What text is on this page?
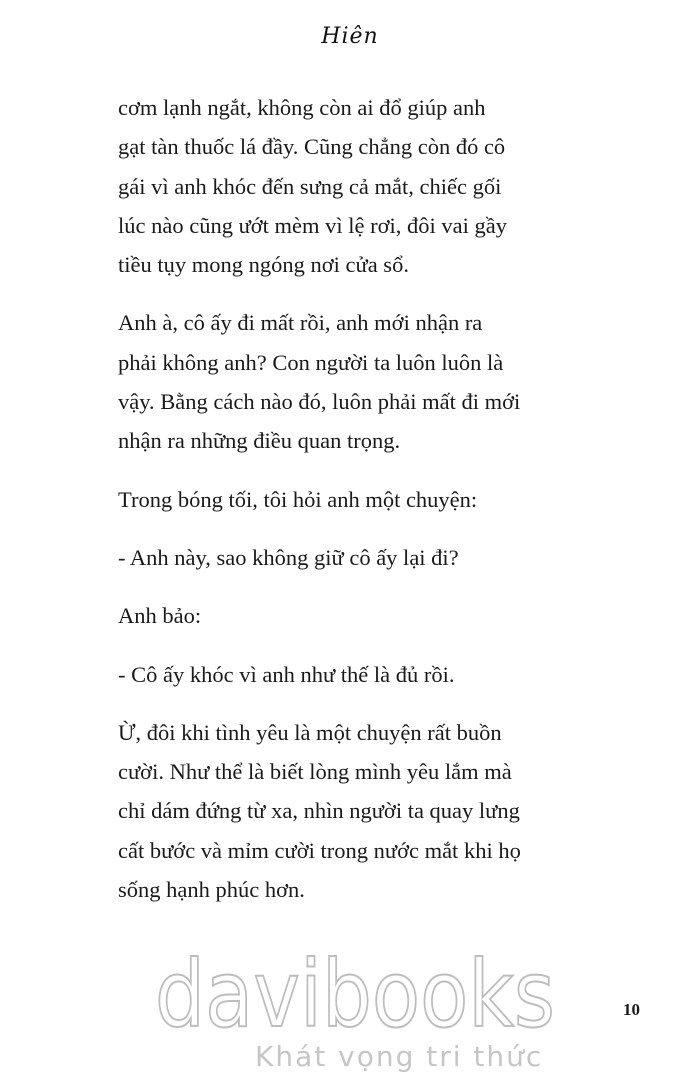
Hiên

cơm lạnh ngắt, không còn ai đổ giúp anh
gạt tàn thuốc lá đầy. Cũng chẳng còn đó cô
gái vì anh khóc đến sưng cả mắt, chiếc gối
lúc nào cũng ướt mèm vì lệ rơi, đôi vai gầy
tiều tụy mong ngóng nơi cửa sổ.

Anh à, cô ấy đi mất rồi, anh mới nhận ra
phải không anh? Con người ta luôn luôn là
vậy. Bằng cách nào đó, luôn phải mất đi mới
nhận ra những điều quan trọng.

Trong bóng tối, tôi hỏi anh một chuyện:

- Anh này, sao không giữ cô ấy lại đi?

Anh bảo:

- Cô ấy khóc vì anh như thế là đủ rồi.

Ừ, đôi khi tình yêu là một chuyện rất buồn
cười. Như thể là biết lòng mình yêu lắm mà
chỉ dám đứng từ xa, nhìn người ta quay lưng
cất bước và mỉm cười trong nước mắt khi họ
sống hạnh phúc hơn.

10
davibooks
Khát vọng tri thức
